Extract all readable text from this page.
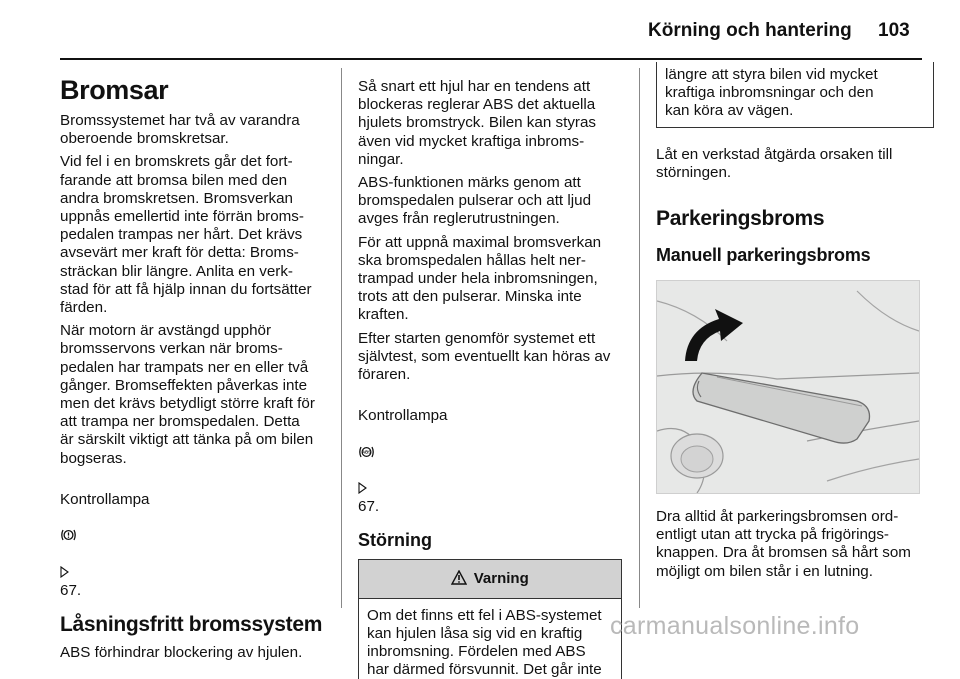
Körning och hantering 103
Bromsar

Bromssystemet har två av varandra
oberoende bromskretsar.

Vid fel i en bromskrets går det fort-
farande att bromsa bilen med den
andra bromskretsen. Bromsverkan
uppnås emellertid inte förrän broms-
pedalen trampas ner hårt. Det krävs
avsevärt mer kraft för detta: Broms-
sträckan blir längre. Anlita en verk-
stad för att få hjälp innan du fortsätter
färden.

När motorn är avstängd upphör
bromsservons verkan när broms-
pedalen har trampats ner en eller två
gånger. Bromseffekten påverkas inte
men det krävs betydligt större kraft för
att trampa ner bromspedalen. Detta
är särskilt viktigt att tänka på om bilen
bogseras.

Kontrollampa

67.

Låsningsfritt bromssystem

ABS förhindrar blockering av hjulen.

Så snart ett hjul har en tendens att
blockeras reglerar ABS det aktuella
hjulets bromstryck. Bilen kan styras
även vid mycket kraftiga inbroms-
ningar.

ABS-funktionen märks genom att
bromspedalen pulserar och att ljud
avges från reglerutrustningen.

För att uppnå maximal bromsverkan
ska bromspedalen hållas helt ner-
trampad under hela inbromsningen,
trots att den pulserar. Minska inte
kraften.

Efter starten genomför systemet ett
självtest, som eventuellt kan höras av
föraren.

Kontrollampa

ABS

67.

Störning
Varning
Om det finns ett fel i ABS-systemet
kan hjulen låsa sig vid en kraftig
inbromsning. Fördelen med ABS
har därmed försvunnit. Det går inte
längre att styra bilen vid mycket
kraftiga inbromsningar och den
kan köra av vägen.

Låt en verkstad åtgärda orsaken till
störningen.

Parkeringsbroms
Manuell parkeringsbroms

Dra alltid åt parkeringsbromsen ord-
entligt utan att trycka på frigörings-
knappen. Dra åt bromsen så hårt som
möjligt om bilen står i en lutning.

carmanualsonline.info
